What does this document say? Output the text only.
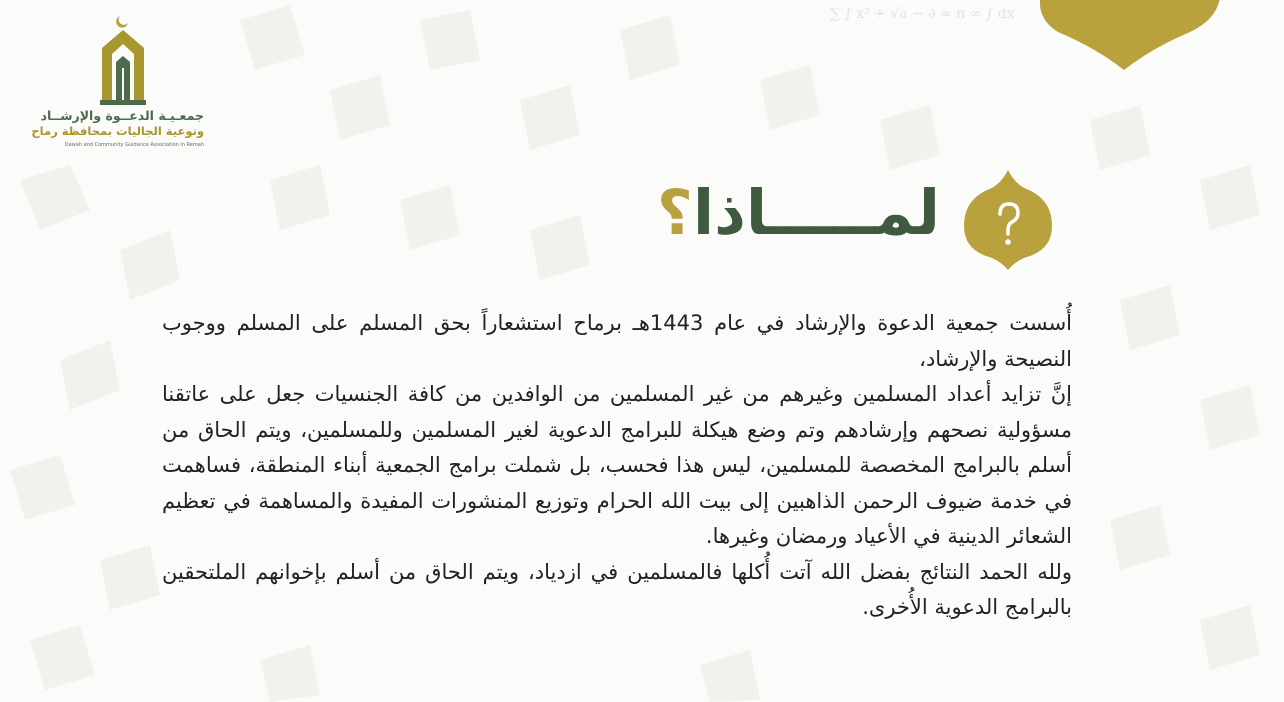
∑ ∫ x² + √a − ∂ ≈ π ∞ ∫ dx
جمعـيـة الدعــوة والإرشــاد
وتوعية الجاليات بمحافظة رماح
Dawah and Community Guidance Association in Remah
لمـــــاذا؟

أُسست جمعية الدعوة والإرشاد في عام 1443هـ برماح استشعاراً بحق المسلم على المسلم ووجوب النصيحة والإرشاد،

إنَّ تزايد أعداد المسلمين وغيرهم من غير المسلمين من الوافدين من كافة الجنسيات جعل على عاتقنا مسؤولية نصحهم وإرشادهم وتم وضع هيكلة للبرامج الدعوية لغير المسلمين وللمسلمين، ويتم الحاق من أسلم بالبرامج المخصصة للمسلمين، ليس هذا فحسب، بل شملت برامج الجمعية أبناء المنطقة، فساهمت في خدمة ضيوف الرحمن الذاهبين إلى بيت الله الحرام وتوزيع المنشورات المفيدة والمساهمة في تعظيم الشعائر الدينية في الأعياد ورمضان وغيرها.

ولله الحمد النتائج بفضل الله آتت أُكلها فالمسلمين في ازدياد، ويتم الحاق من أسلم بإخوانهم الملتحقين بالبرامج الدعوية الأُخرى.
